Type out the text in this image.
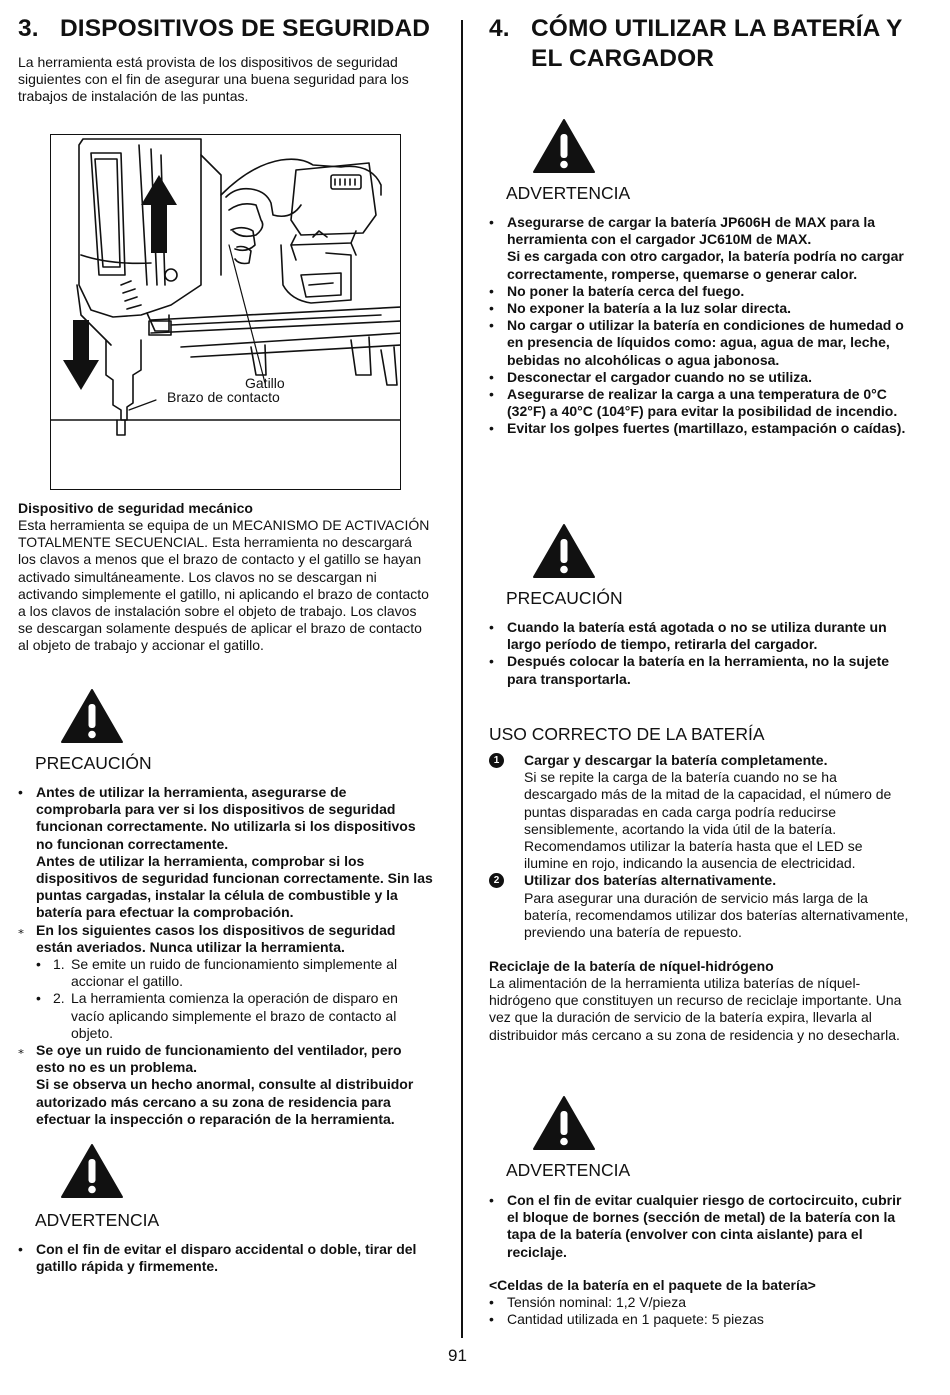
3. DISPOSITIVOS DE SEGURIDAD

La herramienta está provista de los dispositivos de seguridad siguientes con el fin de asegurar una buena seguridad para los trabajos de instalación de las puntas.

Gatillo
Brazo de contacto

Dispositivo de seguridad mecánico

Esta herramienta se equipa de un MECANISMO DE ACTIVACIÓN TOTALMENTE SECUENCIAL. Esta herramienta no descargará los clavos a menos que el brazo de contacto y el gatillo se hayan activado simultáneamente. Los clavos no se descargan ni activando simplemente el gatillo, ni aplicando el brazo de contacto a los clavos de instalación sobre el objeto de trabajo. Los clavos se descargan solamente después de aplicar el brazo de contacto al objeto de trabajo y accionar el gatillo.

PRECAUCIÓN

• Antes de utilizar la herramienta, asegurarse de comprobarla para ver si los dispositivos de seguridad funcionan correctamente. No utilizarla si los dispositivos no funcionan correctamente.
Antes de utilizar la herramienta, comprobar si los dispositivos de seguridad funcionan correctamente. Sin las puntas cargadas, instalar la célula de combustible y la batería para efectuar la comprobación.
⁎ En los siguientes casos los dispositivos de seguridad están averiados. Nunca utilizar la herramienta.
• 1. Se emite un ruido de funcionamiento simplemente al accionar el gatillo.
• 2. La herramienta comienza la operación de disparo en vacío aplicando simplemente el brazo de contacto al objeto.
⁎ Se oye un ruido de funcionamiento del ventilador, pero esto no es un problema.
Si se observa un hecho anormal, consulte al distribuidor autorizado más cercano a su zona de residencia para efectuar la inspección o reparación de la herramienta.

ADVERTENCIA

• Con el fin de evitar el disparo accidental o doble, tirar del gatillo rápida y firmemente.
4. CÓMO UTILIZAR LA BATERÍA Y EL CARGADOR

ADVERTENCIA

• Asegurarse de cargar la batería JP606H de MAX para la herramienta con el cargador JC610M de MAX.
Si es cargada con otro cargador, la batería podría no cargar correctamente, romperse, quemarse o generar calor.
• No poner la batería cerca del fuego.
• No exponer la batería a la luz solar directa.
• No cargar o utilizar la batería en condiciones de humedad o en presencia de líquidos como: agua, agua de mar, leche, bebidas no alcohólicas o agua jabonosa.
• Desconectar el cargador cuando no se utiliza.
• Asegurarse de realizar la carga a una temperatura de 0°C (32°F) a 40°C (104°F) para evitar la posibilidad de incendio.
• Evitar los golpes fuertes (martillazo, estampación o caídas).

PRECAUCIÓN

• Cuando la batería está agotada o no se utiliza durante un largo período de tiempo, retirarla del cargador.
• Después colocar la batería en la herramienta, no la sujete para transportarla.

USO CORRECTO DE LA BATERÍA

1	Cargar y descargar la batería completamente.
Si se repite la carga de la batería cuando no se ha descargado más de la mitad de la capacidad, el número de puntas disparadas en cada carga podría reducirse sensiblemente, acortando la vida útil de la batería. Recomendamos utilizar la batería hasta que el LED se ilumine en rojo, indicando la ausencia de electricidad.
2	Utilizar dos baterías alternativamente.
Para asegurar una duración de servicio más larga de la batería, recomendamos utilizar dos baterías alternativamente, previendo una batería de repuesto.

Reciclaje de la batería de níquel-hidrógeno

La alimentación de la herramienta utiliza baterías de níquel-hidrógeno que constituyen un recurso de reciclaje importante. Una vez que la duración de servicio de la batería expira, llevarla al distribuidor más cercano a su zona de residencia y no desecharla.

ADVERTENCIA

• Con el fin de evitar cualquier riesgo de cortocircuito, cubrir el bloque de bornes (sección de metal) de la batería con la tapa de la batería (envolver con cinta aislante) para el reciclaje.

<Celdas de la batería en el paquete de la batería>

• Tensión nominal: 1,2 V/pieza
• Cantidad utilizada en 1 paquete: 5 piezas
91
